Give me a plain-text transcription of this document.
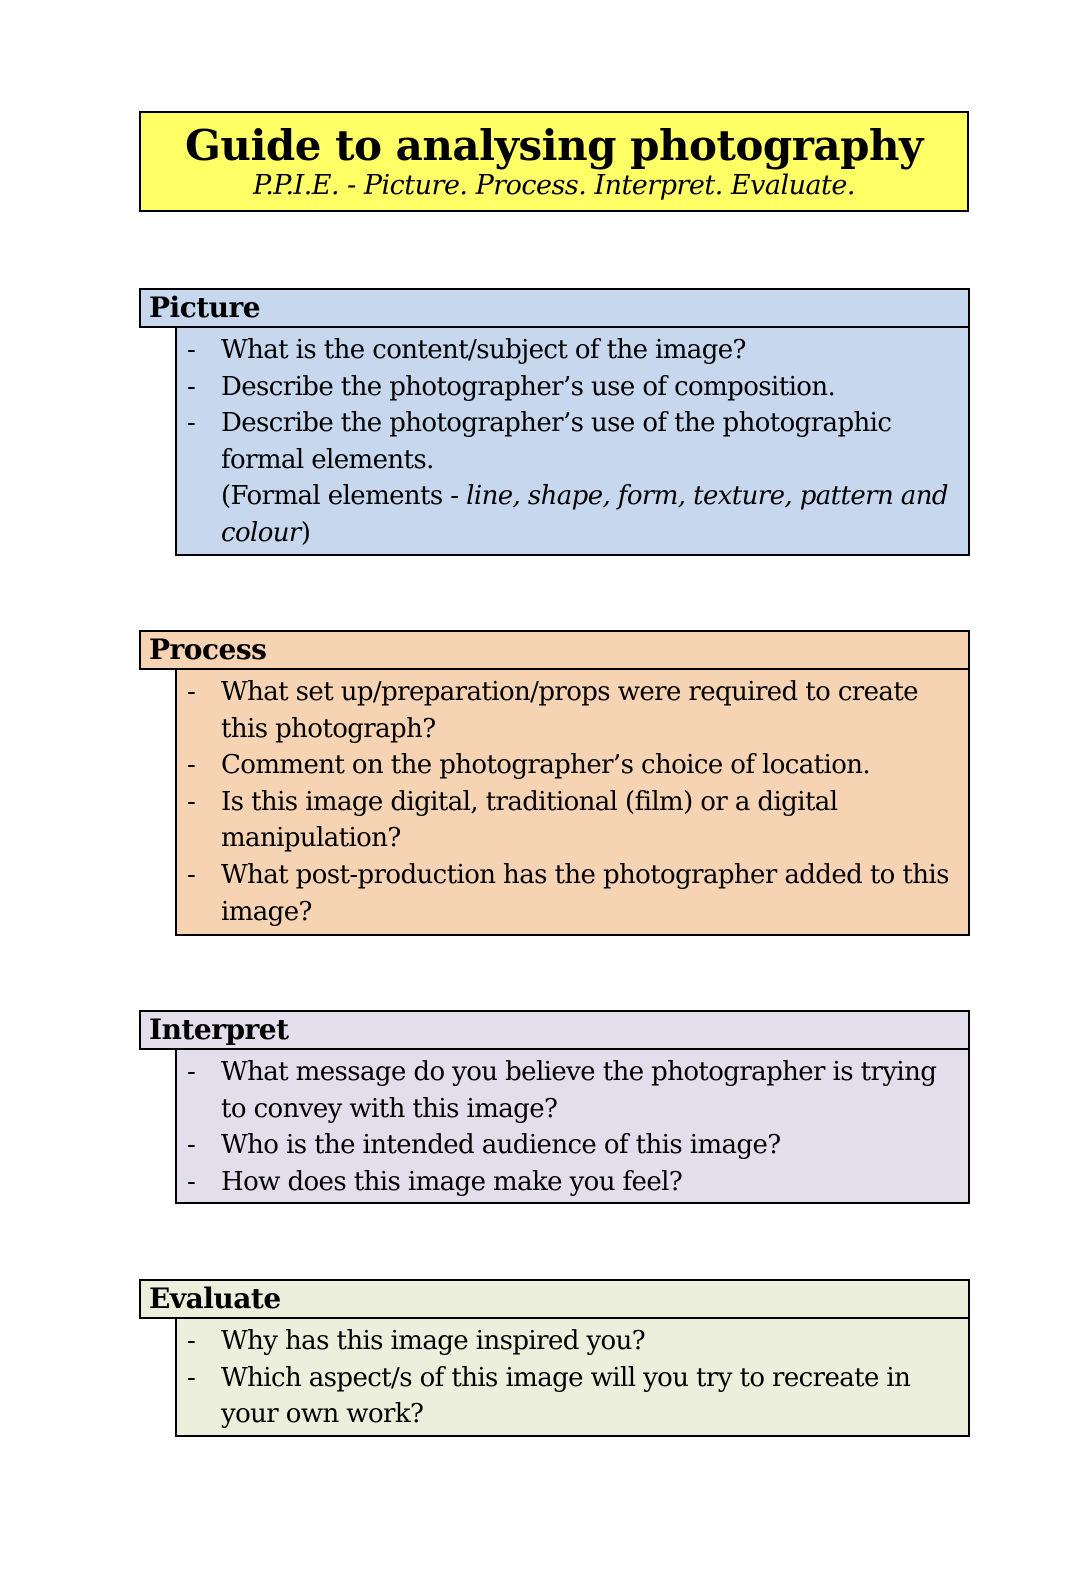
Guide to analysing photography
P.P.I.E. - Picture. Process. Interpret. Evaluate.
Picture
- What is the content/subject of the image?
- Describe the photographer’s use of composition.
- Describe the photographer’s use of the photographic formal elements.
(Formal elements - line, shape, form, texture, pattern and colour)
Process
- What set up/preparation/props were required to create this photograph?
- Comment on the photographer’s choice of location.
- Is this image digital, traditional (film) or a digital manipulation?
- What post-production has the photographer added to this image?
Interpret
- What message do you believe the photographer is trying to convey with this image?
- Who is the intended audience of this image?
- How does this image make you feel?
Evaluate
- Why has this image inspired you?
- Which aspect/s of this image will you try to recreate in your own work?
